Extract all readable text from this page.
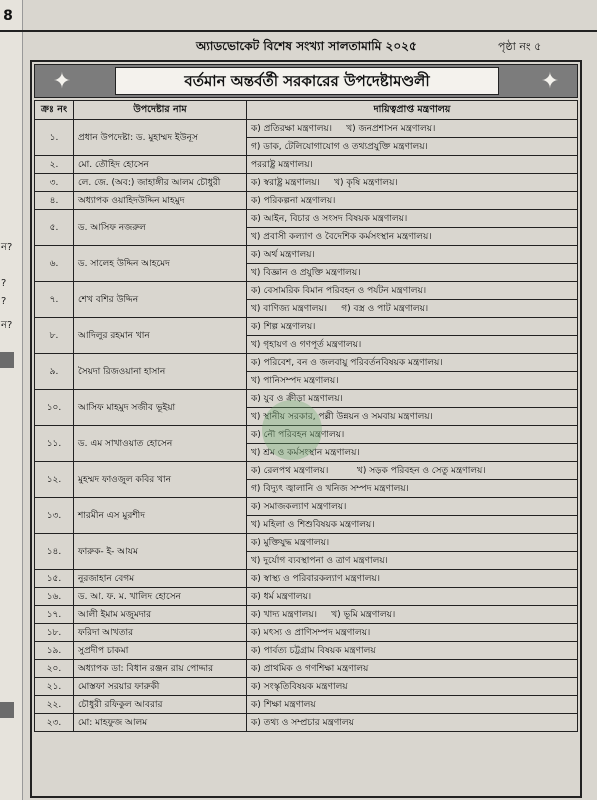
8
ন?
?
?
ন?
অ্যাডভোকেট বিশেষ সংখ্যা সালতামামি ২০২৫	পৃষ্ঠা নং ৫
✦	বর্তমান অন্তর্বর্তী সরকারের উপদেষ্টামণ্ডলী	✦
ক্রঃ নং	উপদেষ্টার নাম	দায়িত্বপ্রাপ্ত মন্ত্রণালয়
১.	প্রধান উপদেষ্টা: ড. মুহাম্মদ ইউনূস	ক) প্রতিরক্ষা মন্ত্রণালয়।     খ) জনপ্রশাসন মন্ত্রণালয়।
		গ) ডাক, টেলিযোগাযোগ ও তথ্যপ্রযুক্তি মন্ত্রণালয়।
২.	মো. তৌহিদ হোসেন	পররাষ্ট্র মন্ত্রণালয়।
৩.	লে. জে. (অব:) জাহাঙ্গীর আলম চৌধুরী	ক) স্বরাষ্ট্র মন্ত্রণালয়।     খ) কৃষি মন্ত্রণালয়।
৪.	অধ্যাপক ওয়াহিদউদ্দিন মাহমুদ	ক) পরিকল্পনা মন্ত্রণালয়।
৫.	ড. আসিফ নজরুল	ক) আইন, বিচার ও সংসদ বিষয়ক মন্ত্রণালয়।
		খ) প্রবাসী কল্যাণ ও বৈদেশিক কর্মসংস্থান মন্ত্রণালয়।
৬.	ড. সালেহ উদ্দিন আহমেদ	ক) অর্থ মন্ত্রণালয়।
		খ) বিজ্ঞান ও প্রযুক্তি মন্ত্রণালয়।
৭.	শেখ বশির উদ্দিন	ক) বেসামরিক বিমান পরিবহন ও পর্যটন মন্ত্রণালয়।
		খ) বাণিজ্য মন্ত্রণালয়।     গ) বস্ত্র ও পাট মন্ত্রণালয়।
৮.	আদিলুর রহমান খান	ক) শিল্প মন্ত্রণালয়।
		খ) গৃহায়ণ ও গণপূর্ত মন্ত্রণালয়।
৯.	সৈয়দা রিজওয়ানা হাসান	ক) পরিবেশ, বন ও জলবায়ু পরিবর্তনবিষয়ক মন্ত্রণালয়।
		খ) পানিসম্পদ মন্ত্রণালয়।
১০.	আসিফ মাহমুদ সজীব ভূইয়া	ক) যুব ও ক্রীড়া মন্ত্রণালয়।
		খ) স্থানীয় সরকার, পল্লী উন্নয়ন ও সমবায় মন্ত্রণালয়।
১১.	ড. এম সাখাওয়াত হোসেন	ক) নৌ পরিবহন মন্ত্রণালয়।
		খ) শ্রম ও কর্মসংস্থান মন্ত্রণালয়।
১২.	মুহম্মদ ফাওজুল কবির খান	ক) রেলপথ মন্ত্রণালয়।          খ) সড়ক পরিবহন ও সেতু মন্ত্রণালয়।
		গ) বিদ্যুৎ জ্বালানি ও খনিজ সম্পদ মন্ত্রণালয়।
১৩.	শারমীন এস মুরশীদ	ক) সমাজকল্যাণ মন্ত্রণালয়।
		খ) মহিলা ও শিশুবিষয়ক মন্ত্রণালয়।
১৪.	ফারুক- ই- আযম	ক) মুক্তিযুদ্ধ মন্ত্রণালয়।
		খ) দুর্যোগ ব্যবস্থাপনা ও ত্রাণ মন্ত্রণালয়।
১৫.	নুরজাহান বেগম	ক) স্বাস্থ্য ও পরিবারকল্যাণ মন্ত্রণালয়।
১৬.	ড. আ. ফ. ম. খালিদ হোসেন	ক) ধর্ম মন্ত্রণালয়।
১৭.	আলী ইমাম মজুমদার	ক) খাদ্য মন্ত্রণালয়।     খ) ভূমি মন্ত্রণালয়।
১৮.	ফরিদা আখতার	ক) মৎস্য ও প্রাণিসম্পদ মন্ত্রণালয়।
১৯.	সুপ্রদীপ চাকমা	ক) পার্বত্য চট্টগ্রাম বিষয়ক মন্ত্রণালয়
২০.	অধ্যাপক ডা: বিধান রঞ্জন রায় পোদ্দার	ক) প্রাথমিক ও গণশিক্ষা মন্ত্রণালয়
২১.	মোস্তফা সরয়ার ফারুকী	ক) সংস্কৃতিবিষয়ক মন্ত্রণালয়
২২.	চৌধুরী রফিকুল আবরার	ক) শিক্ষা মন্ত্রণালয়
২৩.	মো: মাহফুজ আলম	ক) তথ্য ও সম্প্রচার মন্ত্রণালয়
